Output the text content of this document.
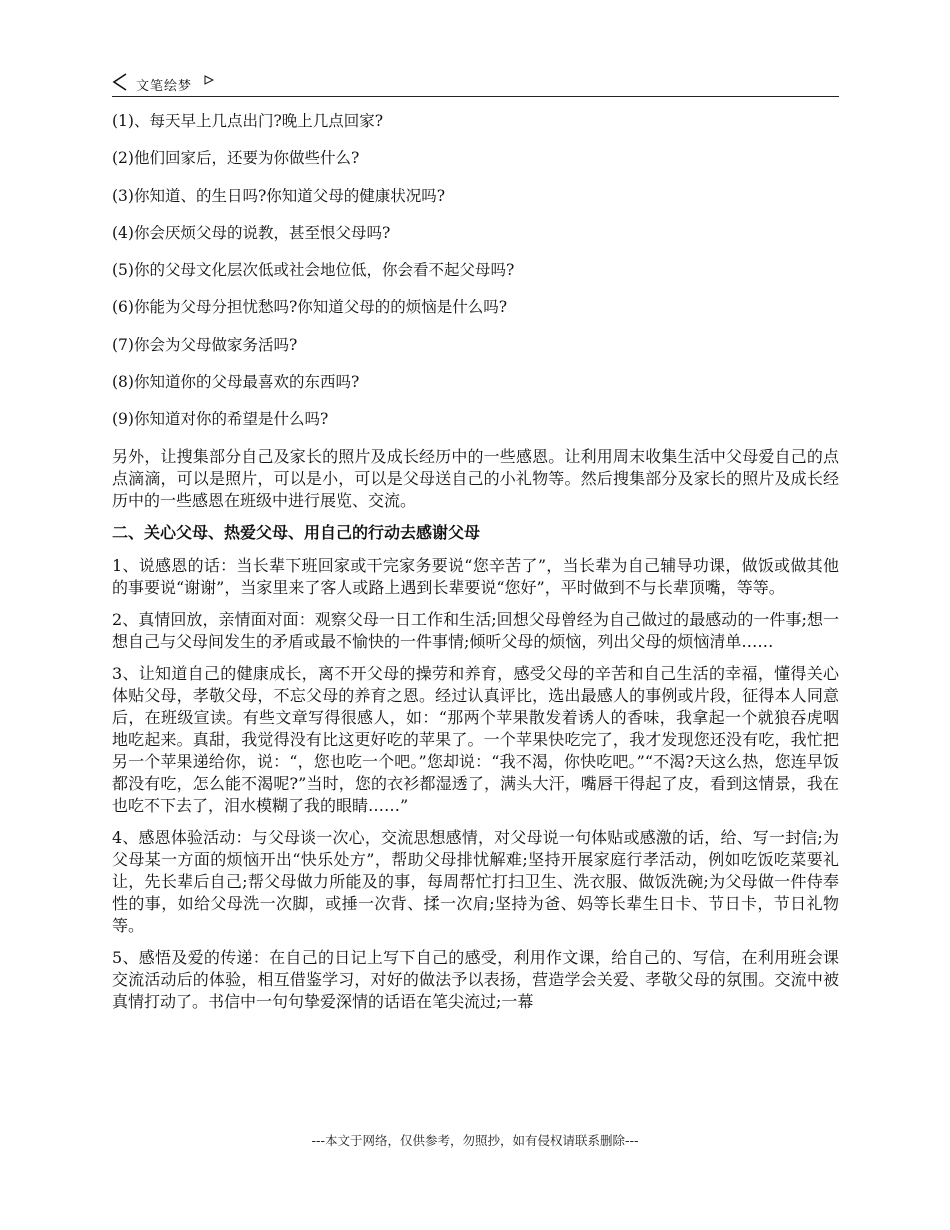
文笔绘梦
(1)、每天早上几点出门?晚上几点回家?
(2)他们回家后，还要为你做些什么?
(3)你知道、的生日吗?你知道父母的健康状况吗?
(4)你会厌烦父母的说教，甚至恨父母吗?
(5)你的父母文化层次低或社会地位低，你会看不起父母吗?
(6)你能为父母分担忧愁吗?你知道父母的的烦恼是什么吗?
(7)你会为父母做家务活吗?
(8)你知道你的父母最喜欢的东西吗?
(9)你知道对你的希望是什么吗?
另外，让搜集部分自己及家长的照片及成长经历中的一些感恩。让利用周末收集生活中父母爱自己的点点滴滴，可以是照片，可以是小，可以是父母送自己的小礼物等。然后搜集部分及家长的照片及成长经历中的一些感恩在班级中进行展览、交流。
二、关心父母、热爱父母、用自己的行动去感谢父母
1、说感恩的话：当长辈下班回家或干完家务要说“您辛苦了”，当长辈为自己辅导功课，做饭或做其他的事要说“谢谢”，当家里来了客人或路上遇到长辈要说“您好”，平时做到不与长辈顶嘴，等等。
2、真情回放，亲情面对面：观察父母一日工作和生活;回想父母曾经为自己做过的最感动的一件事;想一想自己与父母间发生的矛盾或最不愉快的一件事情;倾听父母的烦恼，列出父母的烦恼清单……
3、让知道自己的健康成长，离不开父母的操劳和养育，感受父母的辛苦和自己生活的幸福，懂得关心体贴父母，孝敬父母，不忘父母的养育之恩。经过认真评比，选出最感人的事例或片段，征得本人同意后，在班级宣读。有些文章写得很感人，如：“那两个苹果散发着诱人的香味，我拿起一个就狼吞虎咽地吃起来。真甜，我觉得没有比这更好吃的苹果了。一个苹果快吃完了，我才发现您还没有吃，我忙把另一个苹果递给你，说：“，您也吃一个吧。”您却说：“我不渴，你快吃吧。”“不渴?天这么热，您连早饭都没有吃，怎么能不渴呢?”当时，您的衣衫都湿透了，满头大汗，嘴唇干得起了皮，看到这情景，我在也吃不下去了，泪水模糊了我的眼睛……”
4、感恩体验活动：与父母谈一次心，交流思想感情，对父母说一句体贴或感激的话，给、写一封信;为父母某一方面的烦恼开出“快乐处方”，帮助父母排忧解难;坚持开展家庭行孝活动，例如吃饭吃菜要礼让，先长辈后自己;帮父母做力所能及的事，每周帮忙打扫卫生、洗衣服、做饭洗碗;为父母做一件侍奉性的事，如给父母洗一次脚，或捶一次背、揉一次肩;坚持为爸、妈等长辈生日卡、节日卡，节日礼物等。
5、感悟及爱的传递：在自己的日记上写下自己的感受，利用作文课，给自己的、写信，在利用班会课交流活动后的体验，相互借鉴学习，对好的做法予以表扬，营造学会关爱、孝敬父母的氛围。交流中被真情打动了。书信中一句句挚爱深情的话语在笔尖流过;一幕
---本文于网络，仅供参考，勿照抄，如有侵权请联系删除---
